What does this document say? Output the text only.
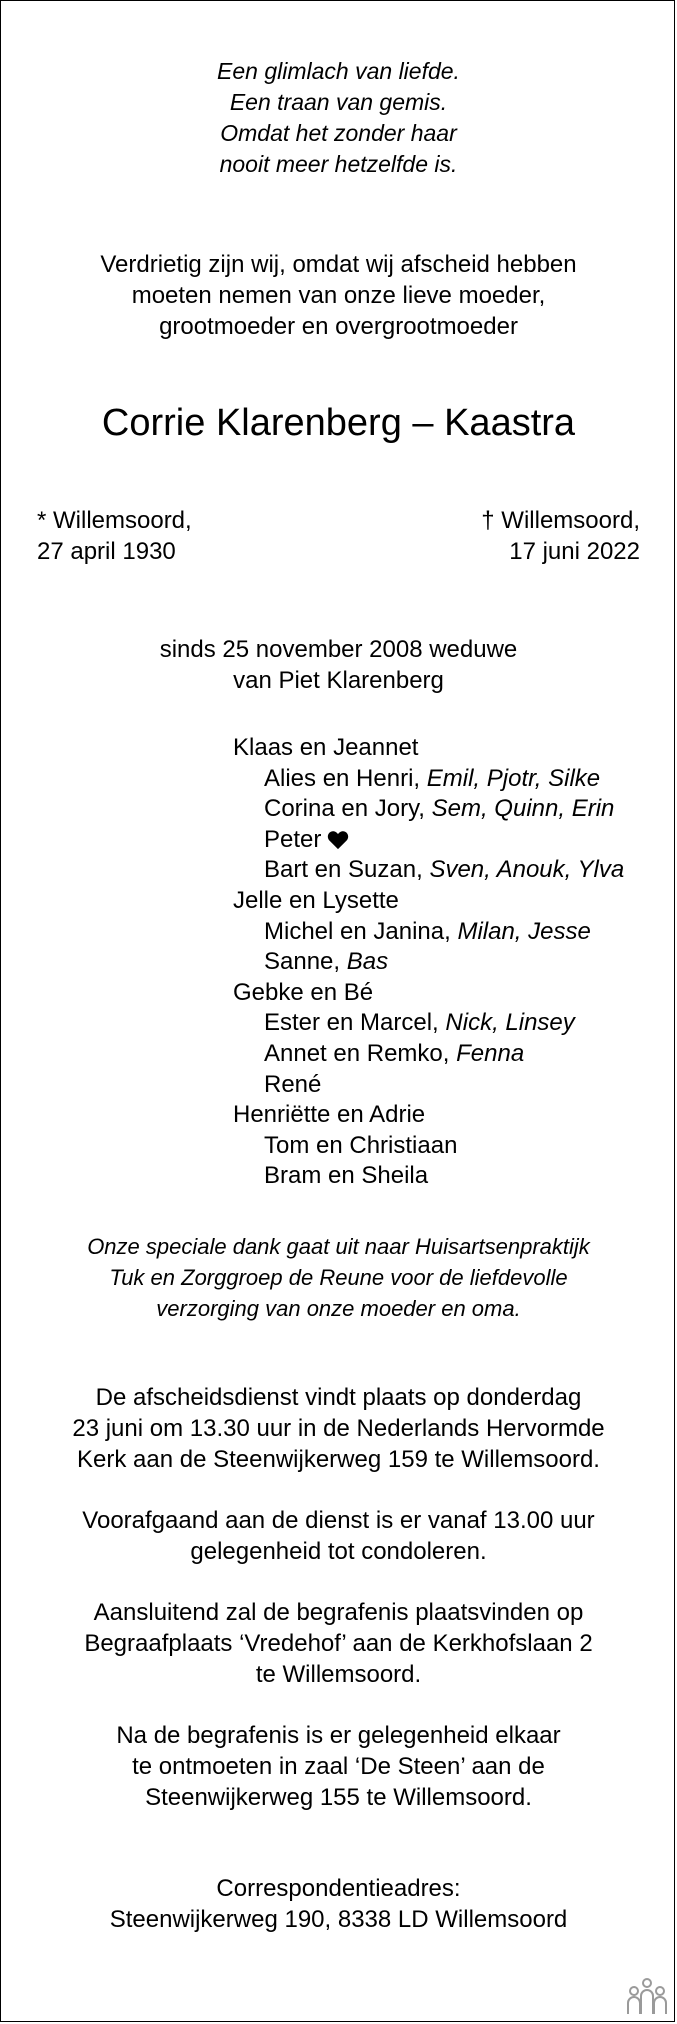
Een glimlach van liefde.
Een traan van gemis.
Omdat het zonder haar
nooit meer hetzelfde is.
Verdrietig zijn wij, omdat wij afscheid hebben
moeten nemen van onze lieve moeder,
grootmoeder en overgrootmoeder
Corrie Klarenberg – Kaastra
* Willemsoord,
27 april 1930
† Willemsoord,
17 juni 2022
sinds 25 november 2008 weduwe
van Piet Klarenberg
Klaas en Jeannet
Alies en Henri, Emil, Pjotr, Silke
Corina en Jory, Sem, Quinn, Erin
Peter
Bart en Suzan, Sven, Anouk, Ylva
Jelle en Lysette
Michel en Janina, Milan, Jesse
Sanne, Bas
Gebke en Bé
Ester en Marcel, Nick, Linsey
Annet en Remko, Fenna
René
Henriëtte en Adrie
Tom en Christiaan
Bram en Sheila
Onze speciale dank gaat uit naar Huisartsenpraktijk
Tuk en Zorggroep de Reune voor de liefdevolle
verzorging van onze moeder en oma.
De afscheidsdienst vindt plaats op donderdag
23 juni om 13.30 uur in de Nederlands Hervormde
Kerk aan de Steenwijkerweg 159 te Willemsoord.
Voorafgaand aan de dienst is er vanaf 13.00 uur
gelegenheid tot condoleren.
Aansluitend zal de begrafenis plaatsvinden op
Begraafplaats ‘Vredehof’ aan de Kerkhofslaan 2
te Willemsoord.
Na de begrafenis is er gelegenheid elkaar
te ontmoeten in zaal ‘De Steen’ aan de
Steenwijkerweg 155 te Willemsoord.
Correspondentieadres:
Steenwijkerweg 190, 8338 LD Willemsoord
